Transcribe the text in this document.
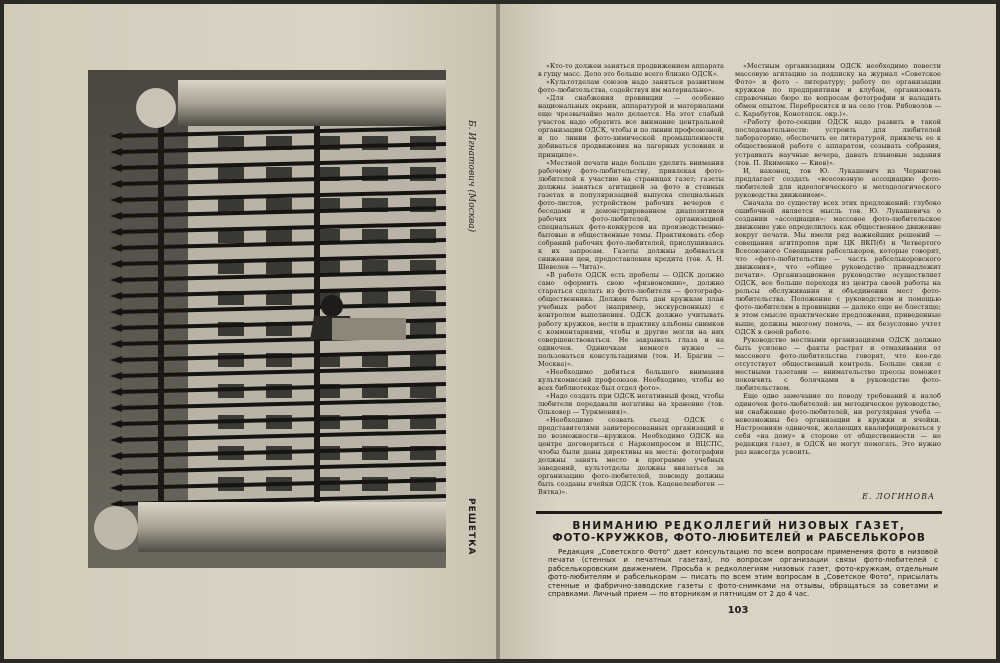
Б. Игнатович (Москва)
РЕШЕТКА

«Кто-то должен заняться продвижением аппарата в гущу масс. Дело это больше всего близко ОДСК».

«Культотделам союзов надо заняться развитием фото-любительства, содействуя им материально».

«Для снабжения провинции — особенно национальных окраин, аппаратурой и материалами еще чрезвычайно мало делается. На этот слабый участок надо обратить все внимание центральной организации ОДСК, чтобы и по линии профсоюзной, и по линии фото-химической промышленности добиваться продвижения на лагерных условиях и принципе».

«Местной печати надо больше уделять внимания рабочему фото-любительству, привлекая фото-любителей к участию на страницах газет; газеты должны заняться агитацией за фото в стенных газетах и популяризацией выпуска специальных фото-листов, устройством рабочих вечеров с беседами и демонстрированием диапозитивов рабочих фото-любителей, организацией специальных фото-конкурсов на производственно-бытовые и общественные темы. Практиковать сбор собраний рабочих фото-любителей, прислушиваясь к их запросам. Газеты должны добиваться снижения цен, предоставления кредита (тов. А. Н. Шевелев — Чита)».

«В работе ОДСК есть пробелы — ОДСК должно само оформить свою «физиономию», должно стараться сделать из фото-любителя — фотографа-общественника. Должен быть дан кружкам план учебных работ (например, экскурсионных) с контролем выполнения. ОДСК должно учитывать работу кружков, вести в практику альбомы снимков с комментариями, чтобы и другие могли на них совершенствоваться. Не закрывать глаза и на одиночек. Одиночкам немного нужно — пользоваться консультациями (тов. И. Брагин — Москва)».

«Необходимо добиться большего внимания культкомиссий профсоюзов. Необходимо, чтобы во всех библиотеках был отдел фото».

«Надо создать при ОДСК негативный фонд, чтобы любители передавали негативы на хранение (тов. Ольховер — Туркмения)».

«Необходимо созвать съезд ОДСК с представителями заинтересованных организаций и по возможности—кружков. Необходимо ОДСК на центре договориться с Наркомпросом и ВЦСПС, чтобы были даны директивы на места: фотографии должны занять место в программе учебных заведений, культотделы должны ввязаться за организацию фото-любителей, повсюду должны быть созданы ячейки ОДСК (тов. Каценеленбоген — Вятка)».

«Местным организациям ОДСК необходимо повести массовую агитацию за подписку на журнал «Советское Фото» и фото - литературу; работу по организации кружков по предприятиям и клубам, организовать справочные бюро по вопросам фотографии и наладить обмен опытом. Перебросится и на село (тов. Рябоволов — с. Карабутов, Конотопск. окр.)».

«Работу фото-секции ОДСК надо развить в такой последовательности: устроить для любителей лабораторию, обеспечить ее литературой, привлечь ее к общественной работе с аппаратом, созывать собрания, устраивать научные вечера, давать плановые задания (тов. П. Якименко — Киев)».

И, наконец, тов Ю. Лукашевич из Чернигова предлагает создать «всесоюзную ассоциацию фото-любителей для идеологического и методологического руководства движением».

Сначала по существу всех этих предложений: глубоко ошибочной является мысль тов. Ю. Лукашевича о создании «ассоциации»: массовое фото-любительское движение уже определилось как общественное движение вокруг печати. Мы имели ряд важнейших решений — совещания агитпропов при ЦК ВКП(б) и Четвертого Всесоюзного Совещания рабселькоров, которые говорят, что «фото-любительство — часть рабселькоровского движения», что «общее руководство принадлежит печати». Организационное руководство осуществляет ОДСК, все больше переходя из центра своей работы на рельсы обслуживания и объединения мест фото-любительства. Положение с руководством и помощью фото-любителям в провинции — далеко еще не блестяще; в этом смысле практические предложения, приведенные выше, должны многому помочь, — их безусловно учтет ОДСК в своей работе.

Руководство местными организациями ОДСК должно быть усилено — факты растрат и отмахивания от массового фото-любительства говорят, что кое-где отсутствует общественный контроль. Больше связи с местными газетами — внимательство прессы поможет покончить с болячками в руководстве фото-любительством.

Еще одно замечание по поводу требований к налоб одиночек фото-любителей: ни методическое руководство, ни снабжение фото-любителей, ни регулярная учеба — невозможны без организации в кружки и ячейки. Настроениям одиночек, желающих квалифицироваться у себя «на дому» в стороне от общественности — не редакция газет, и ОДСК не могут помогать. Это нужно раз навсегда усвоить.

Е. ЛОГИНОВА
ВНИМАНИЮ РЕДКОЛЛЕГИЙ НИЗОВЫХ ГАЗЕТ,
ФОТО-КРУЖКОВ, ФОТО-ЛЮБИТЕЛЕЙ и РАБСЕЛЬКОРОВ
Редакция „Советского Фото" дает консультацию по всем вопросам применения фото в низовой печати (стенных и печатных газетах), по вопросам организации связи фото-любителей с рабселькоровским движением. Просьба к редколлегиям низовых газет, фото-кружкам, отдельным фото-любителям и рабселькорам — писать по всем этим вопросам в „Советское Фото", присылать стенные и фабрично-заводские газеты с фото-снимками на отзывы, обращаться за советами и справками. Личный прием — по вторникам и пятницам от 2 до 4 час.
103
